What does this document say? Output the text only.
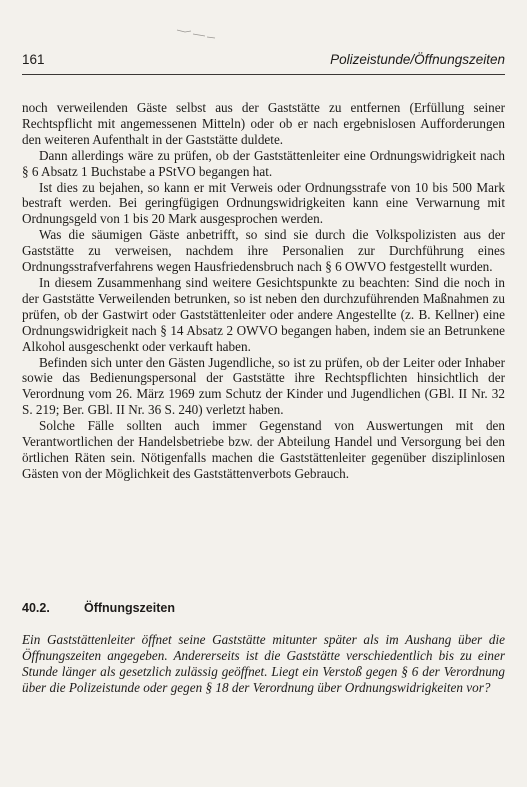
161	Polizeistunde/Öffnungszeiten

noch verweilenden Gäste selbst aus der Gaststätte zu entfernen (Erfüllung seiner Rechtspflicht mit angemessenen Mitteln) oder ob er nach ergebnislosen Aufforderungen den weiteren Aufenthalt in der Gaststätte duldete.

Dann allerdings wäre zu prüfen, ob der Gaststättenleiter eine Ordnungswidrigkeit nach § 6 Absatz 1 Buchstabe a PStVO begangen hat.

Ist dies zu bejahen, so kann er mit Verweis oder Ordnungsstrafe von 10 bis 500 Mark bestraft werden. Bei geringfügigen Ordnungswidrigkeiten kann eine Verwarnung mit Ordnungsgeld von 1 bis 20 Mark ausgesprochen werden.

Was die säumigen Gäste anbetrifft, so sind sie durch die Volkspolizisten aus der Gaststätte zu verweisen, nachdem ihre Personalien zur Durchführung eines Ordnungsstrafverfahrens wegen Hausfriedensbruch nach § 6 OWVO festgestellt wurden.

In diesem Zusammenhang sind weitere Gesichtspunkte zu beachten: Sind die noch in der Gaststätte Verweilenden betrunken, so ist neben den durchzuführenden Maßnahmen zu prüfen, ob der Gastwirt oder Gaststättenleiter oder andere Angestellte (z. B. Kellner) eine Ordnungswidrigkeit nach § 14 Absatz 2 OWVO begangen haben, indem sie an Betrunkene Alkohol ausgeschenkt oder verkauft haben.

Befinden sich unter den Gästen Jugendliche, so ist zu prüfen, ob der Leiter oder Inhaber sowie das Bedienungspersonal der Gaststätte ihre Rechtspflichten hinsichtlich der Verordnung vom 26. März 1969 zum Schutz der Kinder und Jugendlichen (GBl. II Nr. 32 S. 219; Ber. GBl. II Nr. 36 S. 240) verletzt haben.

Solche Fälle sollten auch immer Gegenstand von Auswertungen mit den Verantwortlichen der Handelsbetriebe bzw. der Abteilung Handel und Versorgung bei den örtlichen Räten sein. Nötigenfalls machen die Gaststättenleiter gegenüber disziplinlosen Gästen von der Möglichkeit des Gaststättenverbots Gebrauch.

40.2.	Öffnungszeiten

Ein Gaststättenleiter öffnet seine Gaststätte mitunter später als im Aushang über die Öffnungszeiten angegeben. Andererseits ist die Gaststätte verschiedentlich bis zu einer Stunde länger als gesetzlich zulässig geöffnet. Liegt ein Verstoß gegen § 6 der Verordnung über die Polizeistunde oder gegen § 18 der Verordnung über Ordnungswidrigkeiten vor?
